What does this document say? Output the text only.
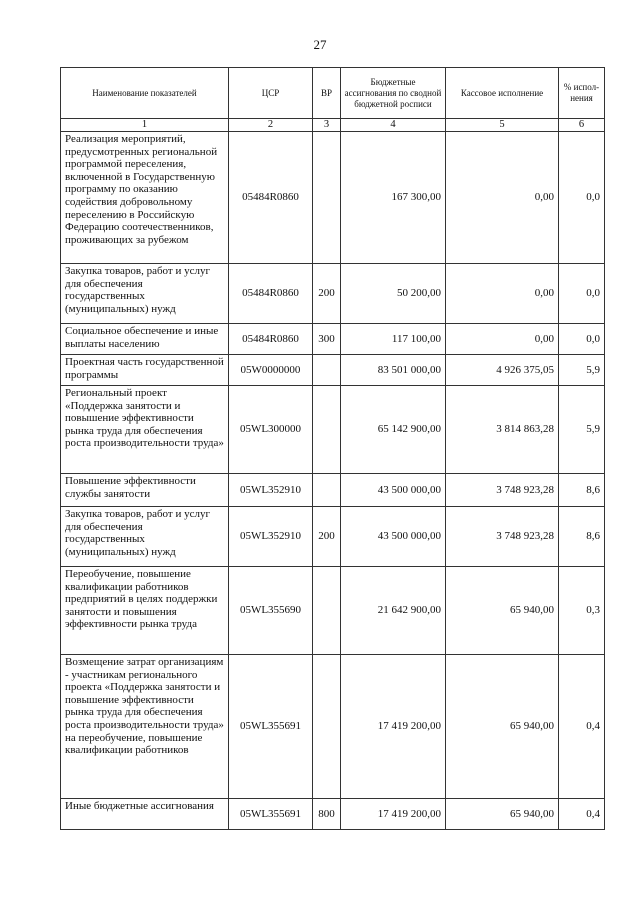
27
Наименование показателей	ЦСР	ВР	Бюджетные ассигнования по сводной бюджетной росписи	Кассовое исполнение	% испол-нения
1	2	3	4	5	6
Реализация мероприятий, предусмотренных региональной программой переселения, включенной в Государственную программу по оказанию содействия добровольному переселению в Российскую Федерацию соотечественников, проживающих за рубежом	05484R0860		167 300,00	0,00	0,0
Закупка товаров, работ и услуг для обеспечения государственных (муниципальных) нужд	05484R0860	200	50 200,00	0,00	0,0
Социальное обеспечение и иные выплаты населению	05484R0860	300	117 100,00	0,00	0,0
Проектная часть государственной программы	05W0000000		83 501 000,00	4 926 375,05	5,9
Региональный проект «Поддержка занятости и повышение эффективности рынка труда для обеспечения роста производительности труда»	05WL300000		65 142 900,00	3 814 863,28	5,9
Повышение эффективности службы занятости	05WL352910		43 500 000,00	3 748 923,28	8,6
Закупка товаров, работ и услуг для обеспечения государственных (муниципальных) нужд	05WL352910	200	43 500 000,00	3 748 923,28	8,6
Переобучение, повышение квалификации работников предприятий в целях поддержки занятости и повышения эффективности рынка труда	05WL355690		21 642 900,00	65 940,00	0,3
Возмещение затрат организациям - участникам регионального проекта «Поддержка занятости и повышение эффективности рынка труда для обеспечения роста производительности труда» на переобучение, повышение квалификации работников	05WL355691		17 419 200,00	65 940,00	0,4
Иные бюджетные ассигнования	05WL355691	800	17 419 200,00	65 940,00	0,4
